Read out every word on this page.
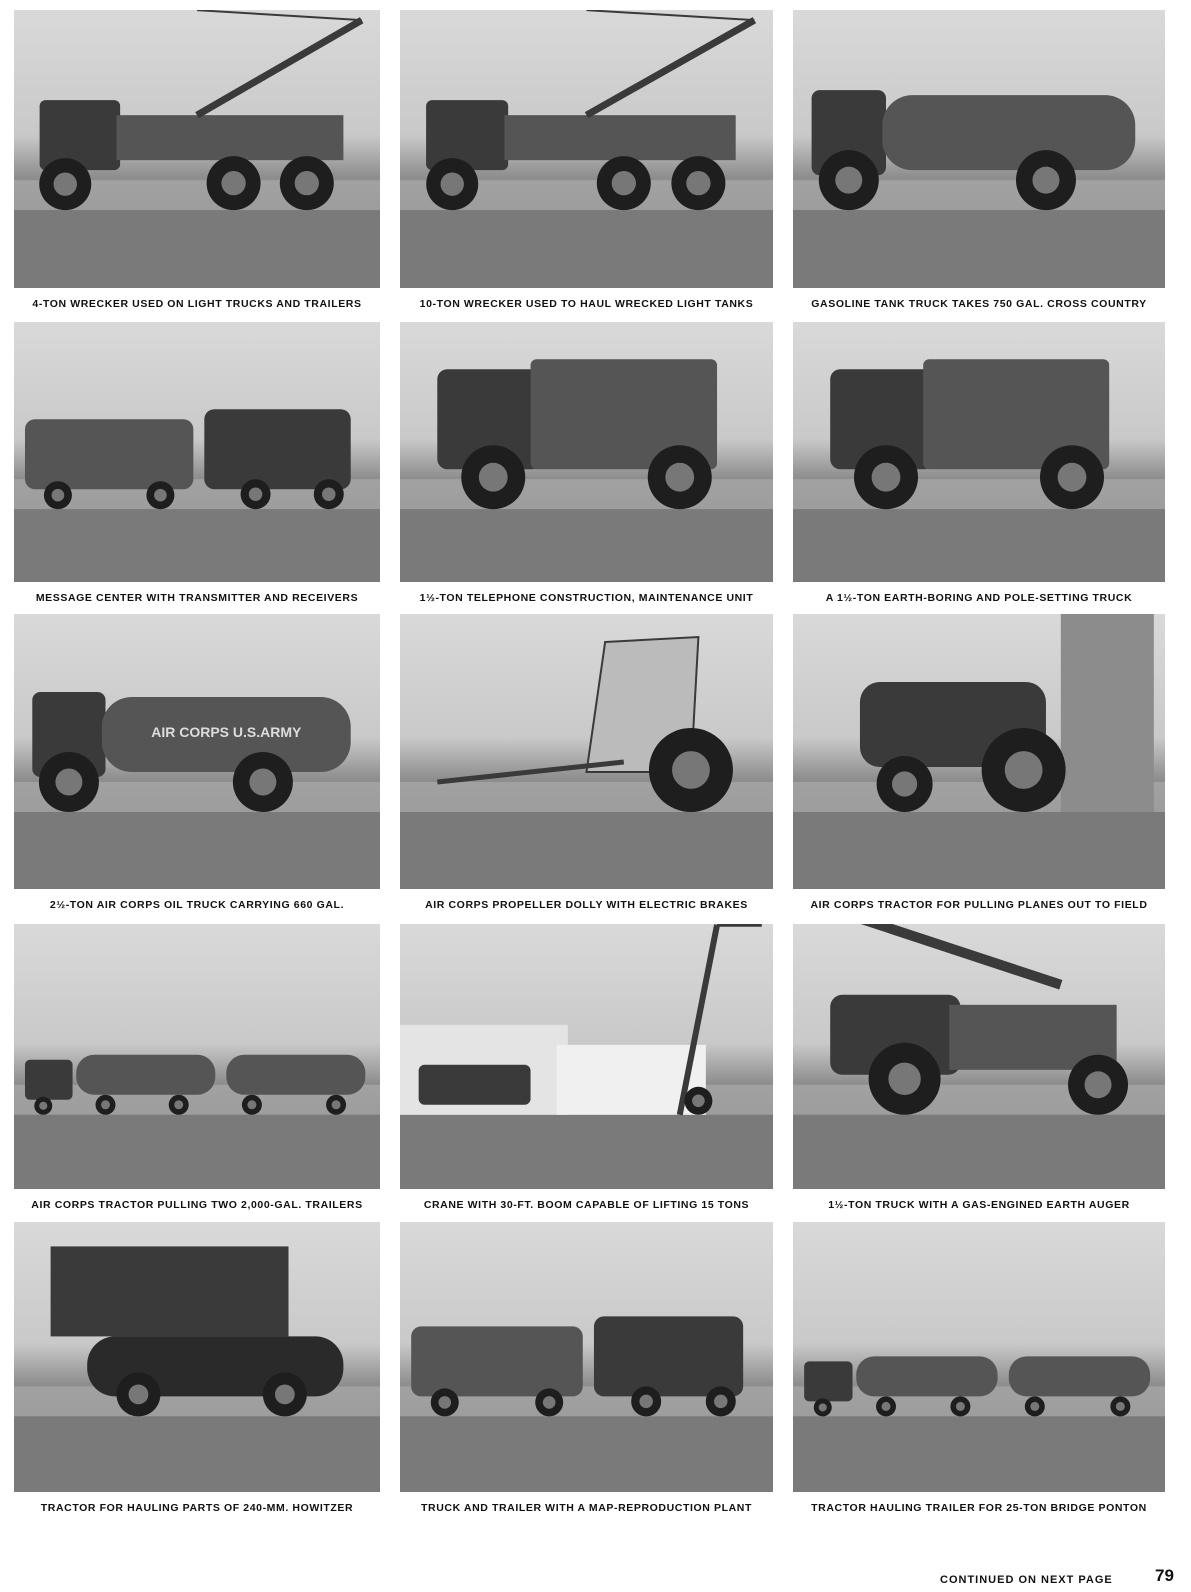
4-TON WRECKER USED ON LIGHT TRUCKS AND TRAILERS	10-TON WRECKER USED TO HAUL WRECKED LIGHT TANKS	GASOLINE TANK TRUCK TAKES 750 GAL. CROSS COUNTRY
MESSAGE CENTER WITH TRANSMITTER AND RECEIVERS	1½-TON TELEPHONE CONSTRUCTION, MAINTENANCE UNIT	A 1½-TON EARTH-BORING AND POLE-SETTING TRUCK
AIR CORPS U.S.ARMY
2½-TON AIR CORPS OIL TRUCK CARRYING 660 GAL.	AIR CORPS PROPELLER DOLLY WITH ELECTRIC BRAKES	AIR CORPS TRACTOR FOR PULLING PLANES OUT TO FIELD
AIR CORPS TRACTOR PULLING TWO 2,000-GAL. TRAILERS	CRANE WITH 30-FT. BOOM CAPABLE OF LIFTING 15 TONS	1½-TON TRUCK WITH A GAS-ENGINED EARTH AUGER
TRACTOR FOR HAULING PARTS OF 240-MM. HOWITZER	TRUCK AND TRAILER WITH A MAP-REPRODUCTION PLANT	TRACTOR HAULING TRAILER FOR 25-TON BRIDGE PONTON
CONTINUED ON NEXT PAGE 79
